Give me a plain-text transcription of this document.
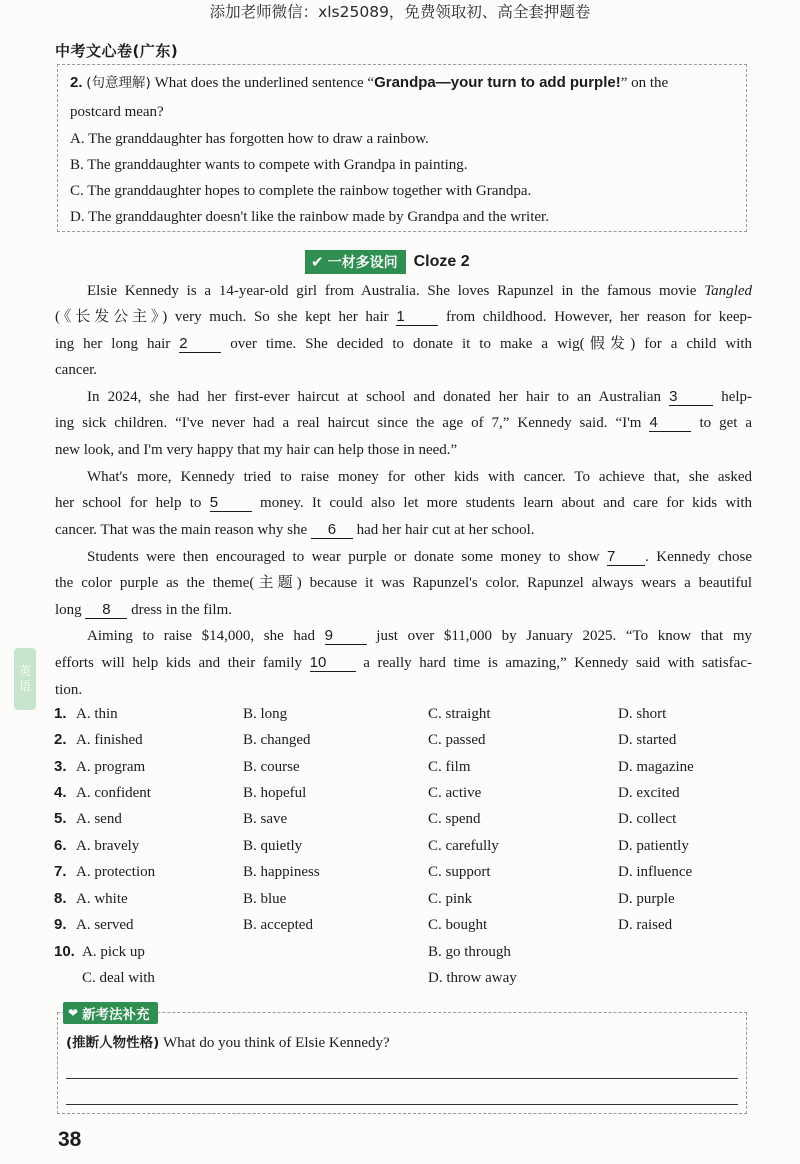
添加老师微信：xls25089，免费领取初、高全套押题卷
中考文心卷(广东)
2. (句意理解) What does the underlined sentence “Grandpa—your turn to add purple!” on the
postcard mean?
A. The granddaughter has forgotten how to draw a rainbow.
B. The granddaughter wants to compete with Grandpa in painting.
C. The granddaughter hopes to complete the rainbow together with Grandpa.
D. The granddaughter doesn't like the rainbow made by Grandpa and the writer.
✔ 一材多设问 Cloze 2
Elsie Kennedy is a 14-year-old girl from Australia. She loves Rapunzel in the famous movie Tangled
(《长发公主》) very much. So she kept her hair 1	from childhood. However, her reason for keep-
ing her long hair 2	over time. She decided to donate it to make a wig(假发) for a child with
cancer.
In 2024, she had her first-ever haircut at school and donated her hair to an Australian 3	help-
ing sick children. “I've never had a real haircut since the age of 7,” Kennedy said. “I'm 4	to get a
new look, and I'm very happy that my hair can help those in need.”
What's more, Kennedy tried to raise money for other kids with cancer. To achieve that, she asked
her school for help to 5	money. It could also let more students learn about and care for kids with
cancer. That was the main reason why she 6 had her hair cut at her school.
Students were then encouraged to wear purple or donate some money to show 7 . Kennedy chose
the color purple as the theme(主题) because it was Rapunzel's color. Rapunzel always wears a beautiful
long 8 dress in the film.
Aiming to raise $14,000, she had 9	just over $11,000 by January 2025. “To know that my
efforts will help kids and their family 10 a really hard time is amazing,” Kennedy said with satisfac-
tion.
英
语
1. A. thin	B. long	C. straight	D. short
2. A. finished	B. changed	C. passed	D. started
3. A. program	B. course	C. film	D. magazine
4. A. confident	B. hopeful	C. active	D. excited
5. A. send	B. save	C. spend	D. collect
6. A. bravely	B. quietly	C. carefully	D. patiently
7. A. protection	B. happiness	C. support	D. influence
8. A. white	B. blue	C. pink	D. purple
9. A. served	B. accepted	C. bought	D. raised
10. A. pick up	B. go through
C. deal with	D. throw away
❤ 新考法补充
(推断人物性格) What do you think of Elsie Kennedy?
38
